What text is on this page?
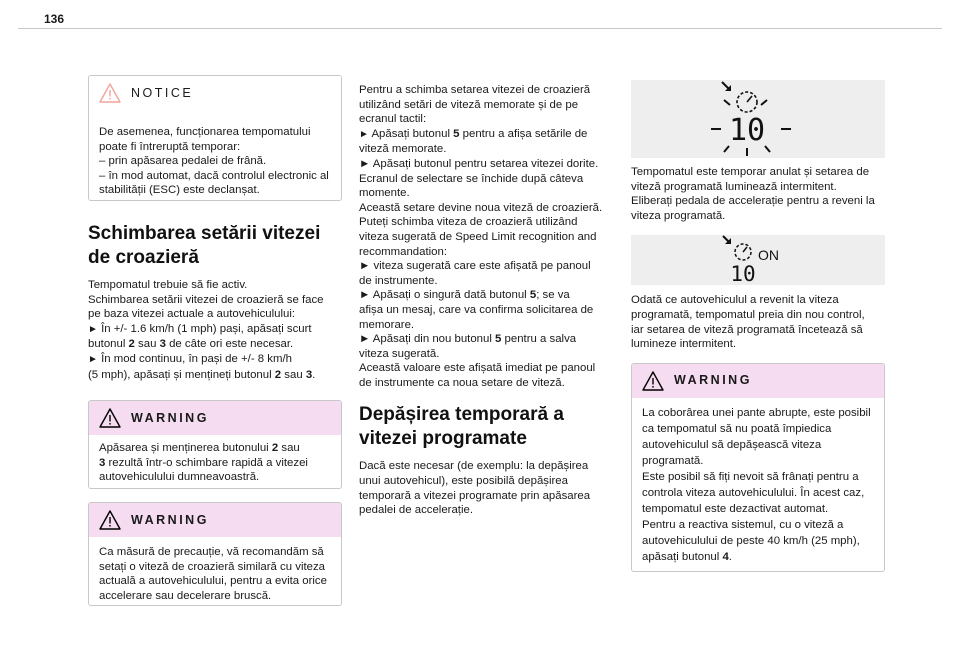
136
NOTICE

De asemenea, funcționarea tempomatului

poate fi întreruptă temporar:

– prin apăsarea pedalei de frână.

– în mod automat, dacă controlul electronic al

stabilității (ESC) este declanșat.

Schimbarea setării vitezei
de croazieră

Tempomatul trebuie să fie activ.

Schimbarea setării vitezei de croazieră se face

pe baza vitezei actuale a autovehiculului:

► În +/- 1.6 km/h (1 mph) pași, apăsați scurt

butonul 2 sau 3 de câte ori este necesar.

► În mod continuu, în pași de +/- 8 km/h

(5 mph), apăsați și mențineți butonul 2 sau 3.

WARNING

Apăsarea și menținerea butonului 2 sau

3 rezultă într-o schimbare rapidă a vitezei

autovehiculului dumneavoastră.

WARNING

Ca măsură de precauție, vă recomandăm să

setați o viteză de croazieră similară cu viteza

actuală a autovehiculului, pentru a evita orice

accelerare sau decelerare bruscă.

Pentru a schimba setarea vitezei de croazieră

utilizând setări de viteză memorate și de pe

ecranul tactil:

► Apăsați butonul 5 pentru a afișa setările de

viteză memorate.

► Apăsați butonul pentru setarea vitezei dorite.

Ecranul de selectare se închide după câteva

momente.

Această setare devine noua viteză de croazieră.

Puteți schimba viteza de croazieră utilizând

viteza sugerată de Speed Limit recognition and

recommandation:

► viteza sugerată care este afișată pe panoul

de instrumente.

► Apăsați o singură dată butonul 5; se va

afișa un mesaj, care va confirma solicitarea de

memorare.

► Apăsați din nou butonul 5 pentru a salva

viteza sugerată.

Această valoare este afișată imediat pe panoul

de instrumente ca noua setare de viteză.

Depășirea temporară a
vitezei programate

Dacă este necesar (de exemplu: la depășirea

unui autovehicul), este posibilă depășirea

temporară a vitezei programate prin apăsarea

pedalei de accelerație.

10

Tempomatul este temporar anulat și setarea de

viteză programată luminează intermitent.

Eliberați pedala de accelerație pentru a reveni la

viteza programată.

ON
10

Odată ce autovehiculul a revenit la viteza

programată, tempomatul preia din nou control,

iar setarea de viteză programată încetează să

lumineze intermitent.

WARNING

La coborârea unei pante abrupte, este posibil

ca tempomatul să nu poată împiedica

autovehiculul să depășească viteza

programată.

Este posibil să fiți nevoit să frânați pentru a

controla viteza autovehiculului. În acest caz,

tempomatul este dezactivat automat.

Pentru a reactiva sistemul, cu o viteză a

autovehiculului de peste 40 km/h (25 mph),

apăsați butonul 4.
